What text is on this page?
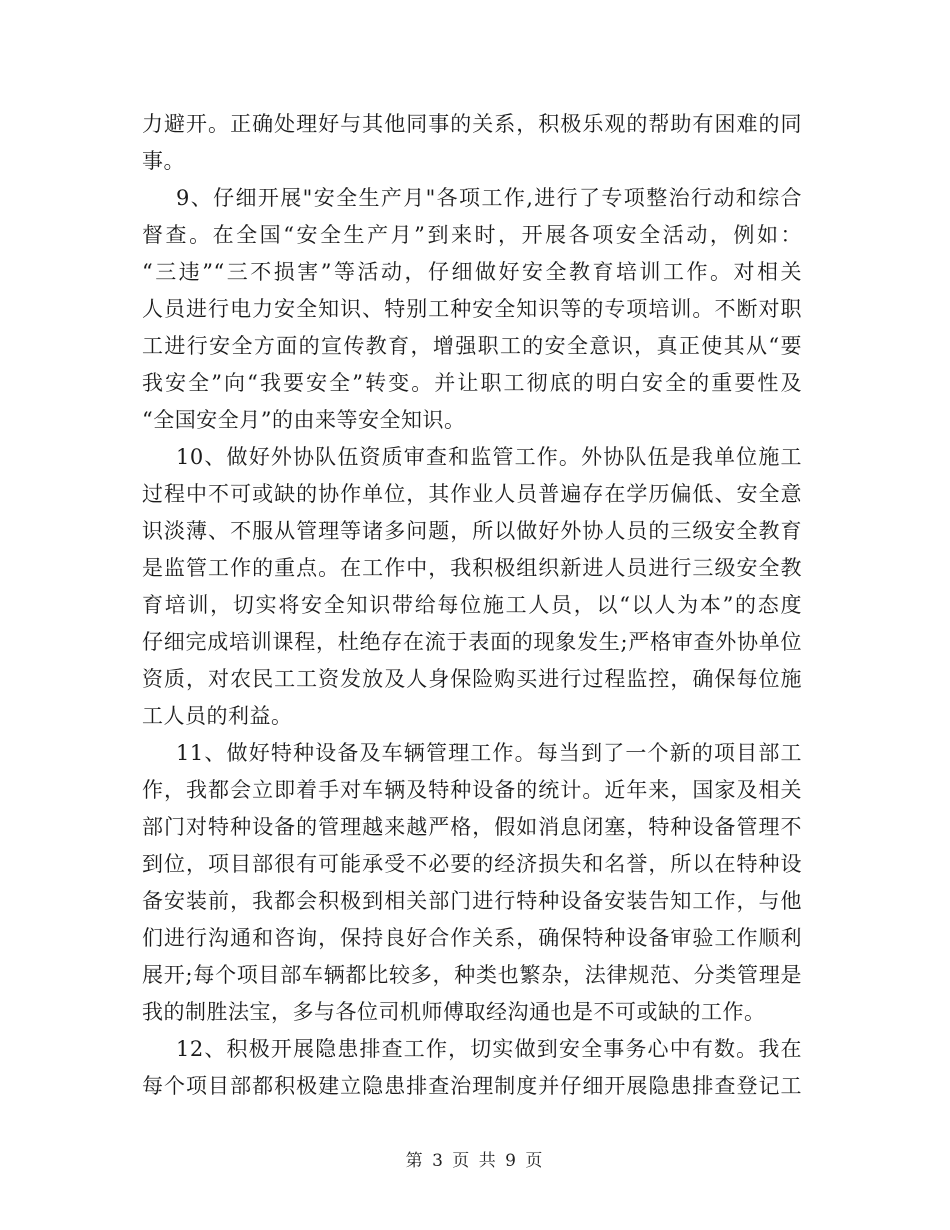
力避开。正确处理好与其他同事的关系，积极乐观的帮助有困难的同
事。
9、仔细开展"安全生产月"各项工作,进行了专项整治行动和综合
督查。在全国“安全生产月”到来时，开展各项安全活动，例如：
“三违”“三不损害”等活动，仔细做好安全教育培训工作。对相关
人员进行电力安全知识、特别工种安全知识等的专项培训。不断对职
工进行安全方面的宣传教育，增强职工的安全意识，真正使其从“要
我安全”向“我要安全”转变。并让职工彻底的明白安全的重要性及
“全国安全月”的由来等安全知识。
10、做好外协队伍资质审查和监管工作。外协队伍是我单位施工
过程中不可或缺的协作单位，其作业人员普遍存在学历偏低、安全意
识淡薄、不服从管理等诸多问题，所以做好外协人员的三级安全教育
是监管工作的重点。在工作中，我积极组织新进人员进行三级安全教
育培训，切实将安全知识带给每位施工人员，以“以人为本”的态度
仔细完成培训课程，杜绝存在流于表面的现象发生;严格审查外协单位
资质，对农民工工资发放及人身保险购买进行过程监控，确保每位施
工人员的利益。
11、做好特种设备及车辆管理工作。每当到了一个新的项目部工
作，我都会立即着手对车辆及特种设备的统计。近年来，国家及相关
部门对特种设备的管理越来越严格，假如消息闭塞，特种设备管理不
到位，项目部很有可能承受不必要的经济损失和名誉，所以在特种设
备安装前，我都会积极到相关部门进行特种设备安装告知工作，与他
们进行沟通和咨询，保持良好合作关系，确保特种设备审验工作顺利
展开;每个项目部车辆都比较多，种类也繁杂，法律规范、分类管理是
我的制胜法宝，多与各位司机师傅取经沟通也是不可或缺的工作。
12、积极开展隐患排查工作，切实做到安全事务心中有数。我在
每个项目部都积极建立隐患排查治理制度并仔细开展隐患排查登记工
第 3 页 共 9 页
